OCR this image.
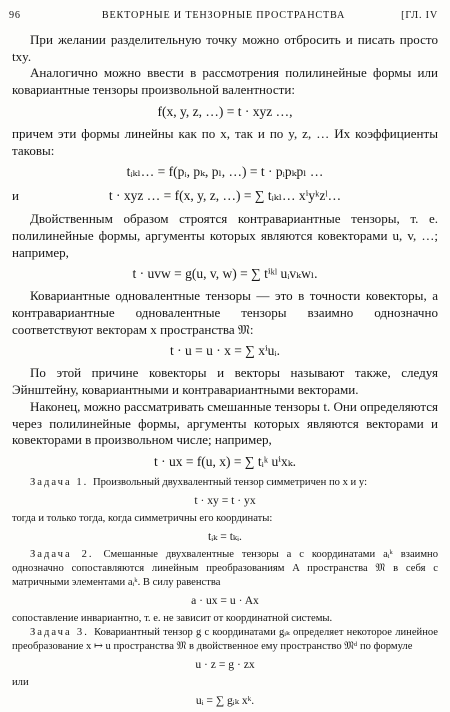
96	ВЕКТОРНЫЕ И ТЕНЗОРНЫЕ ПРОСТРАНСТВА	[ГЛ. IV

При желании разделительную точку можно отбросить и писать просто txy.

Аналогично можно ввести в рассмотрения полилинейные формы или ковариантные тензоры произвольной валентности:

f(x, y, z, …) = t · xyz …,

причем эти формы линейны как по x, так и по y, z, … Их коэффициенты таковы:

tᵢₖₗ… = f(pᵢ, pₖ, pₗ, …) = t · pᵢpₖpₗ …
и	t · xyz … = f(x, y, z, …) = ∑ tᵢₖₗ… xⁱyᵏzˡ…

Двойственным образом строятся контравариантные тензоры, т. е. полилинейные формы, аргументы которых являются ковекторами u, v, …; например,

t · uvw = g(u, v, w) = ∑ tⁱᵏˡ uᵢvₖwₗ.

Ковариантные одновалентные тензоры — это в точности ковекторы, а контравариантные одновалентные тензоры взаимно однозначно соответствуют векторам x пространства 𝔐:

t · u = u · x = ∑ xⁱuᵢ.

По этой причине ковекторы и векторы называют также, следуя Эйнштейну, ковариантными и контравариантными векторами.

Наконец, можно рассматривать смешанные тензоры t. Они определяются через полилинейные формы, аргументы которых являются векторами и ковекторами в произвольном числе; например,

t · ux = f(u, x) = ∑ tᵢᵏ uⁱxₖ.

Задача 1. Произвольный двухвалентный тензор симметричен по x и y:

t · xy = t · yx

тогда и только тогда, когда симметричны его координаты:

tᵢₖ = tₖᵢ.

Задача 2. Смешанные двухвалентные тензоры a с координатами aᵢᵏ взаимно однозначно сопоставляются линейным преобразованиям A пространства 𝔐 в себя с матричными элементами aᵢᵏ. В силу равенства

a · ux = u · Ax

сопоставление инвариантно, т. е. не зависит от координатной системы.

Задача 3. Ковариантный тензор g с координатами gᵢₖ определяет некоторое линейное преобразование x ↦ u пространства 𝔐 в двойственное ему пространство 𝔐ᵈ по формуле

u · z = g · zx

или

uᵢ = ∑ gᵢₖ xᵏ.
